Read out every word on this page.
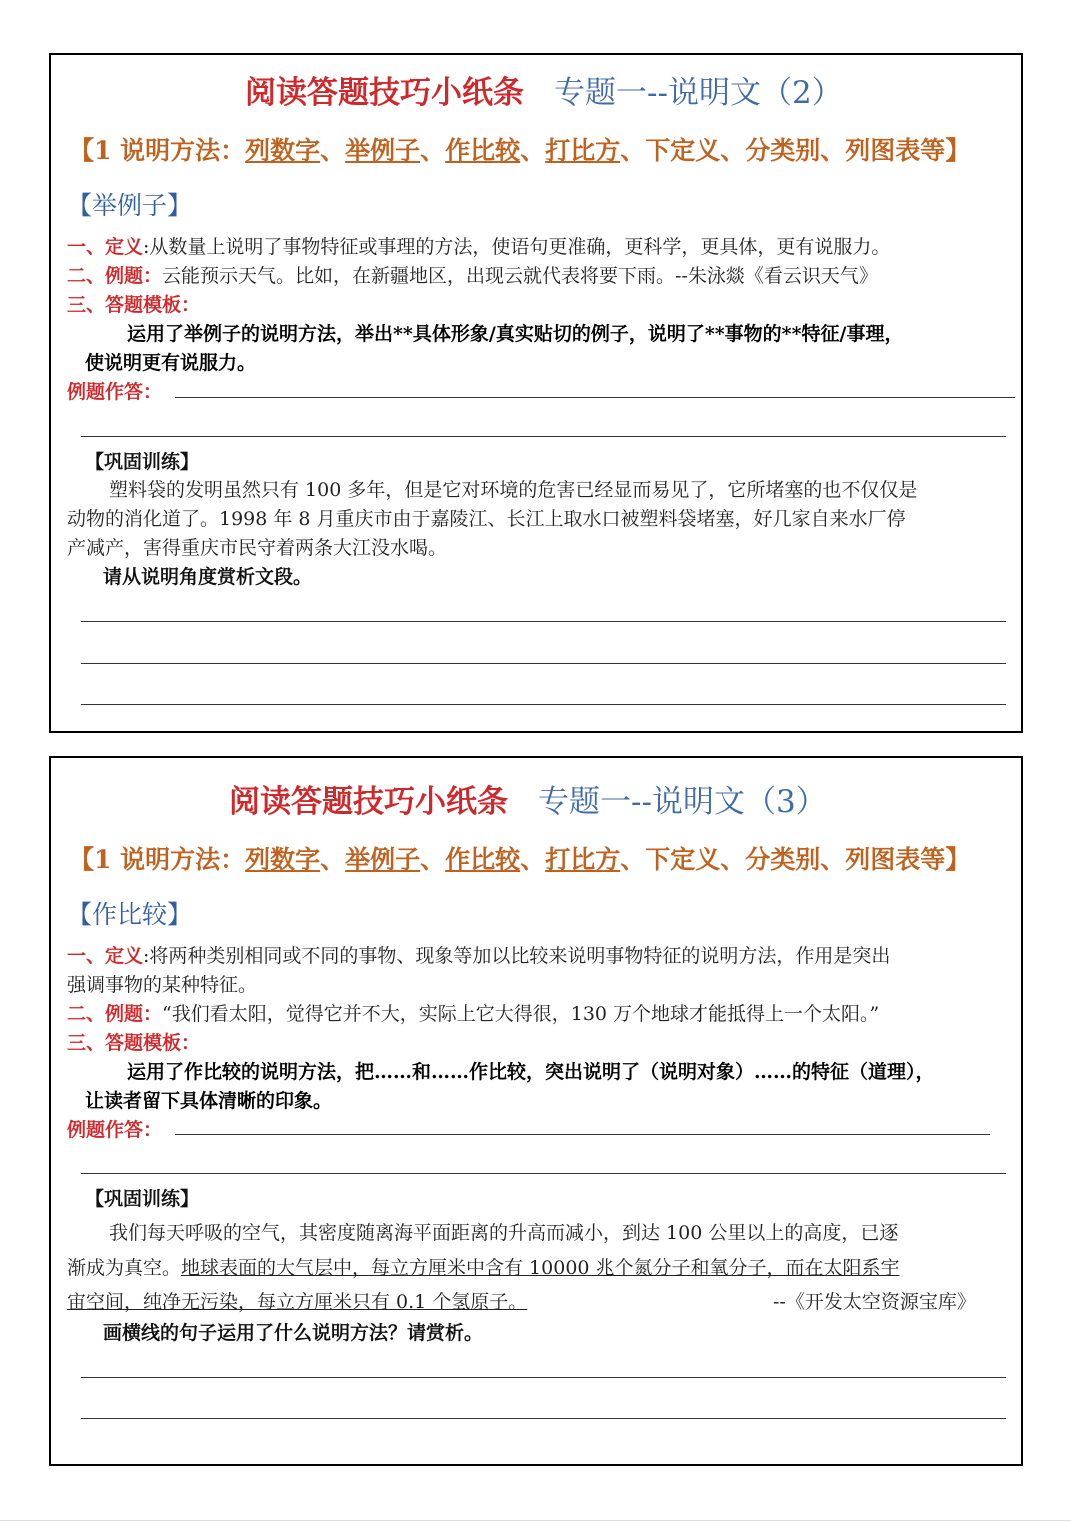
阅读答题技巧小纸条 专题一--说明文（2）
【1 说明方法：列数字、举例子、作比较、打比方、下定义、分类别、列图表等】
【举例子】
一、定义:从数量上说明了事物特征或事理的方法，使语句更准确，更科学，更具体，更有说服力。
二、例题：云能预示天气。比如，在新疆地区，出现云就代表将要下雨。--朱泳燚《看云识天气》
三、答题模板：
运用了举例子的说明方法，举出**具体形象/真实贴切的例子，说明了**事物的**特征/事理，
使说明更有说服力。
例题作答：
【巩固训练】
塑料袋的发明虽然只有 100 多年，但是它对环境的危害已经显而易见了，它所堵塞的也不仅仅是
动物的消化道了。1998 年 8 月重庆市由于嘉陵江、长江上取水口被塑料袋堵塞，好几家自来水厂停
产减产，害得重庆市民守着两条大江没水喝。
请从说明角度赏析文段。
阅读答题技巧小纸条 专题一--说明文（3）
【1 说明方法：列数字、举例子、作比较、打比方、下定义、分类别、列图表等】
【作比较】
一、定义:将两种类别相同或不同的事物、现象等加以比较来说明事物特征的说明方法，作用是突出
强调事物的某种特征。
二、例题：“我们看太阳，觉得它并不大，实际上它大得很，130 万个地球才能抵得上一个太阳。”
三、答题模板：
运用了作比较的说明方法，把……和……作比较，突出说明了（说明对象）……的特征（道理），
让读者留下具体清晰的印象。
例题作答：
【巩固训练】
我们每天呼吸的空气，其密度随离海平面距离的升高而减小，到达 100 公里以上的高度，已逐
渐成为真空。地球表面的大气层中，每立方厘米中含有 10000 兆个氮分子和氧分子，而在太阳系宇
宙空间，纯净无污染，每立方厘米只有 0.1 个氢原子。	--《开发太空资源宝库》
画横线的句子运用了什么说明方法？请赏析。
